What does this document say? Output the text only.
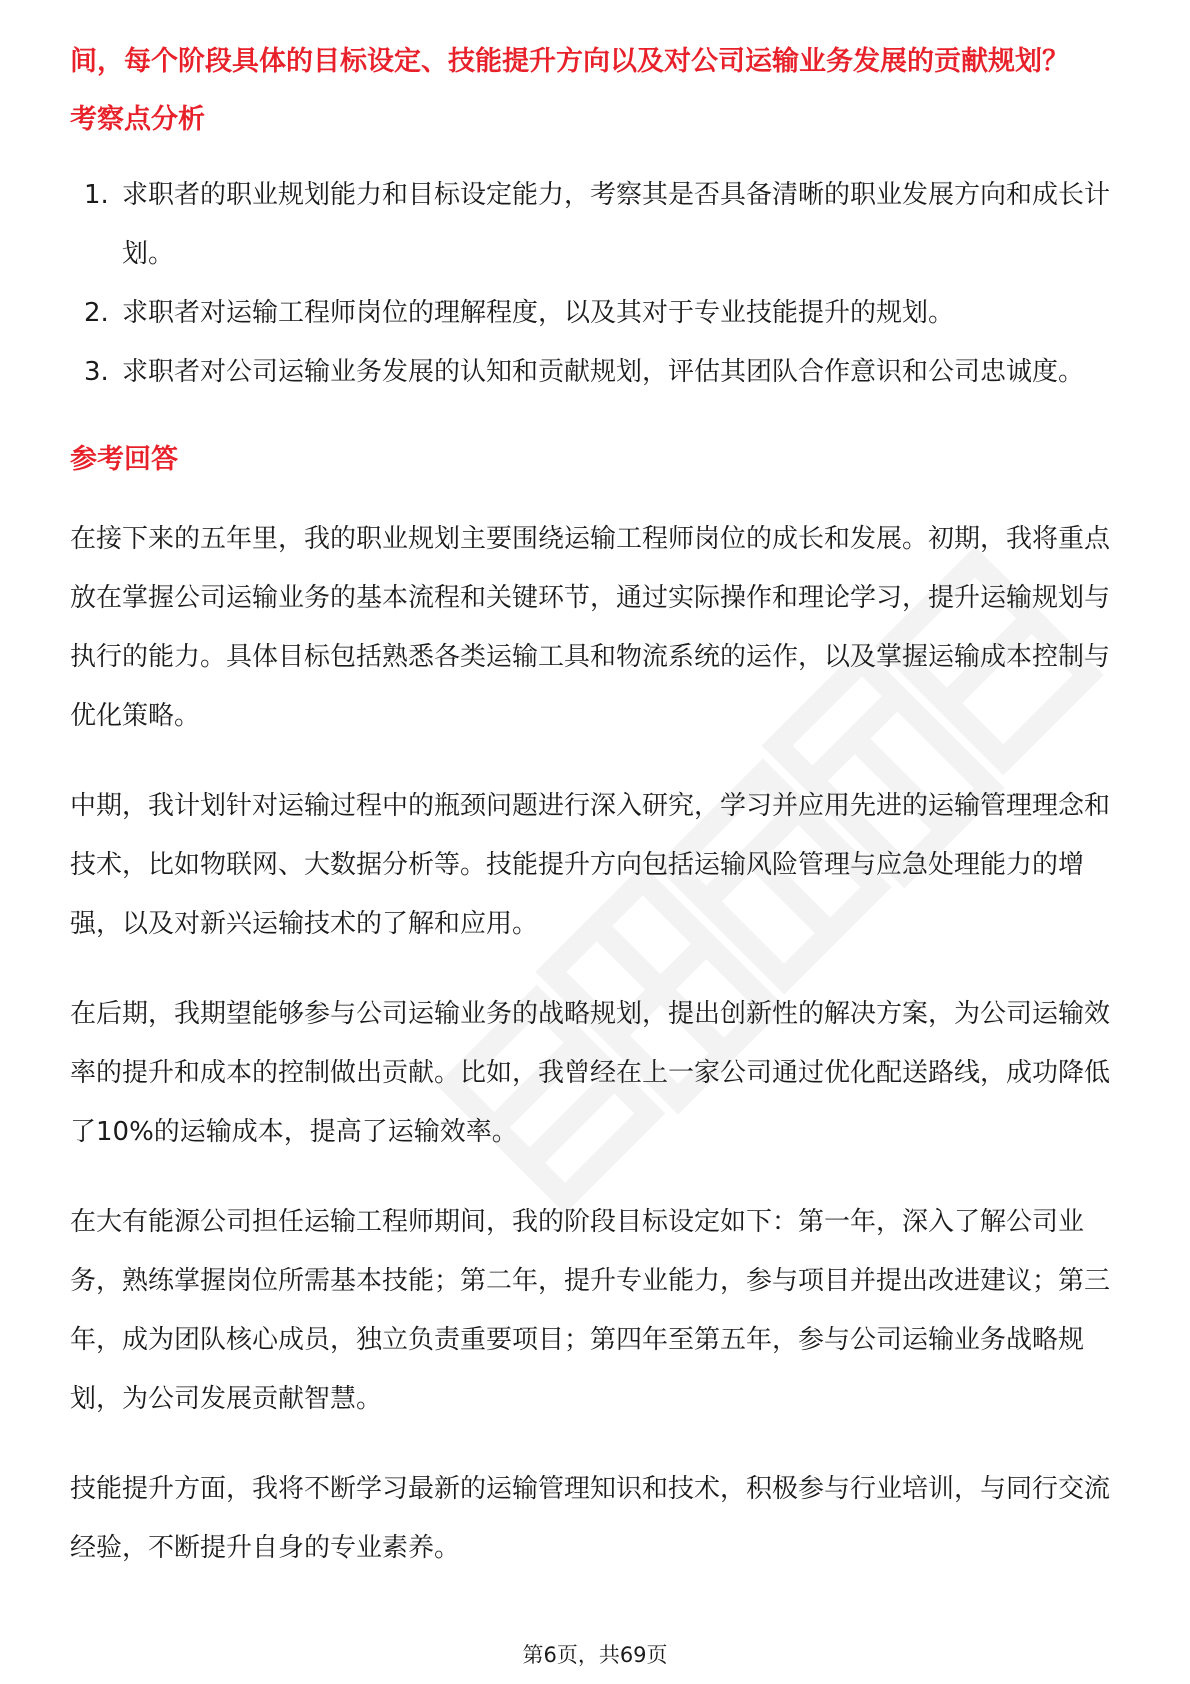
间，每个阶段具体的目标设定、技能提升方向以及对公司运输业务发展的贡献规划？

考察点分析
1. 求职者的职业规划能力和目标设定能力，考察其是否具备清晰的职业发展方向和成长计划。
2. 求职者对运输工程师岗位的理解程度，以及其对于专业技能提升的规划。
3. 求职者对公司运输业务发展的认知和贡献规划，评估其团队合作意识和公司忠诚度。
参考回答

在接下来的五年里，我的职业规划主要围绕运输工程师岗位的成长和发展。初期，我将重点放在掌握公司运输业务的基本流程和关键环节，通过实际操作和理论学习，提升运输规划与执行的能力。具体目标包括熟悉各类运输工具和物流系统的运作，以及掌握运输成本控制与优化策略。

中期，我计划针对运输过程中的瓶颈问题进行深入研究，学习并应用先进的运输管理理念和技术，比如物联网、大数据分析等。技能提升方向包括运输风险管理与应急处理能力的增强，以及对新兴运输技术的了解和应用。

在后期，我期望能够参与公司运输业务的战略规划，提出创新性的解决方案，为公司运输效率的提升和成本的控制做出贡献。比如，我曾经在上一家公司通过优化配送路线，成功降低了10%的运输成本，提高了运输效率。

在大有能源公司担任运输工程师期间，我的阶段目标设定如下：第一年，深入了解公司业务，熟练掌握岗位所需基本技能；第二年，提升专业能力，参与项目并提出改进建议；第三年，成为团队核心成员，独立负责重要项目；第四年至第五年，参与公司运输业务战略规划，为公司发展贡献智慧。

技能提升方面，我将不断学习最新的运输管理知识和技术，积极参与行业培训，与同行交流经验，不断提升自身的专业素养。

第6页，共69页
